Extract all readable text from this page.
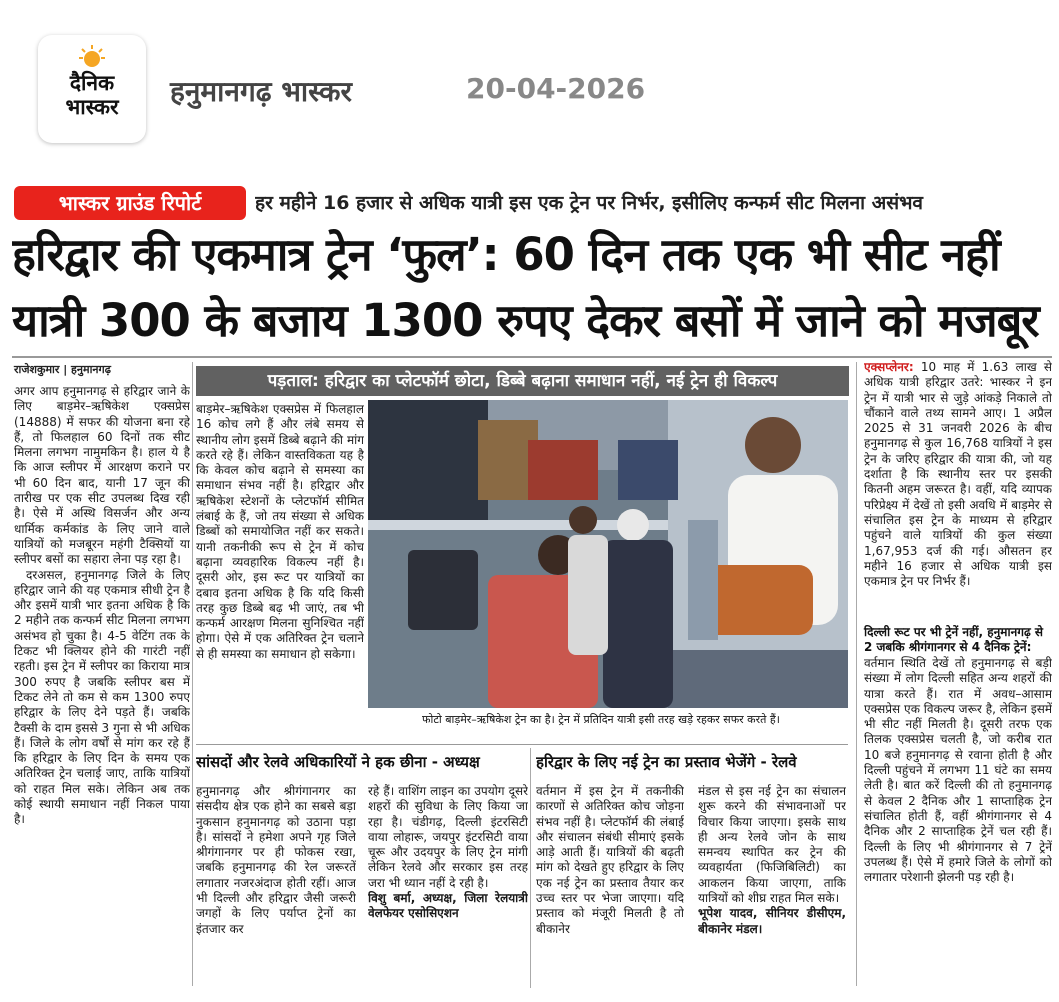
दैनिक
भास्कर	हनुमानगढ़ भास्कर	20-04-2026
भास्कर ग्राउंड रिपोर्ट	हर महीने 16 हजार से अधिक यात्री इस एक ट्रेन पर निर्भर, इसीलिए कन्फर्म सीट मिलना असंभव
हरिद्वार की एकमात्र ट्रेन ‘फुल’: 60 दिन तक एक भी सीट नहीं
यात्री 300 के बजाय 1300 रुपए देकर बसों में जाने को मजबूर
राजेशकुमार | हनुमानगढ़

अगर आप हनुमानगढ़ से हरिद्वार जाने के लिए बाड़मेर–ऋषिकेश एक्सप्रेस (14888) में सफर की योजना बना रहे हैं, तो फिलहाल 60 दिनों तक सीट मिलना लगभग नामुमकिन है। हाल ये है कि आज स्लीपर में आरक्षण कराने पर भी 60 दिन बाद, यानी 17 जून की तारीख पर एक सीट उपलब्ध दिख रही है। ऐसे में अस्थि विसर्जन और अन्य धार्मिक कर्मकांड के लिए जाने वाले यात्रियों को मजबूरन महंगी टैक्सियों या स्लीपर बसों का सहारा लेना पड़ रहा है।

दरअसल, हनुमानगढ़ जिले के लिए हरिद्वार जाने की यह एकमात्र सीधी ट्रेन है और इसमें यात्री भार इतना अधिक है कि 2 महीने तक कन्फर्म सीट मिलना लगभग असंभव हो चुका है। 4-5 वेटिंग तक के टिकट भी क्लियर होने की गारंटी नहीं रहती। इस ट्रेन में स्लीपर का किराया मात्र 300 रुपए है जबकि स्लीपर बस में टिकट लेने तो कम से कम 1300 रुपए हरिद्वार के लिए देने पड़ते हैं। जबकि टैक्सी के दाम इससे 3 गुना से भी अधिक हैं। जिले के लोग वर्षों से मांग कर रहे हैं कि हरिद्वार के लिए दिन के समय एक अतिरिक्त ट्रेन चलाई जाए, ताकि यात्रियों को राहत मिल सके। लेकिन अब तक कोई स्थायी समाधान नहीं निकल पाया है।

पड़ताल: हरिद्वार का प्लेटफॉर्म छोटा, डिब्बे बढ़ाना समाधान नहीं, नई ट्रेन ही विकल्प
बाड़मेर–ऋषिकेश एक्सप्रेस में फिलहाल 16 कोच लगे हैं और लंबे समय से स्थानीय लोग इसमें डिब्बे बढ़ाने की मांग करते रहे हैं। लेकिन वास्तविकता यह है कि केवल कोच बढ़ाने से समस्या का समाधान संभव नहीं है। हरिद्वार और ऋषिकेश स्टेशनों के प्लेटफॉर्म सीमित लंबाई के हैं, जो तय संख्या से अधिक डिब्बों को समायोजित नहीं कर सकते। यानी तकनीकी रूप से ट्रेन में कोच बढ़ाना व्यवहारिक विकल्प नहीं है। दूसरी ओर, इस रूट पर यात्रियों का दबाव इतना अधिक है कि यदि किसी तरह कुछ डिब्बे बढ़ भी जाएं, तब भी कन्फर्म आरक्षण मिलना सुनिश्चित नहीं होगा। ऐसे में एक अतिरिक्त ट्रेन चलाने से ही समस्या का समाधान हो सकेगा।
फोटो बाड़मेर–ऋषिकेश ट्रेन का है। ट्रेन में प्रतिदिन यात्री इसी तरह खड़े रहकर सफर करते हैं।
सांसदों और रेलवे अधिकारियों ने हक छीना - अध्यक्ष	हरिद्वार के लिए नई ट्रेन का प्रस्ताव भेजेंगे - रेलवे
हनुमानगढ़ और श्रीगंगानगर का संसदीय क्षेत्र एक होने का सबसे बड़ा नुकसान हनुमानगढ़ को उठाना पड़ा है। सांसदों ने हमेशा अपने गृह जिले श्रीगंगानगर पर ही फोकस रखा, जबकि हनुमानगढ़ की रेल जरूरतें लगातार नजरअंदाज होती रहीं। आज भी दिल्ली और हरिद्वार जैसी जरूरी जगहों के लिए पर्याप्त ट्रेनों का इंतजार कर

रहे हैं। वाशिंग लाइन का उपयोग दूसरे शहरों की सुविधा के लिए किया जा रहा है। चंडीगढ़, दिल्ली इंटरसिटी वाया लोहारू, जयपुर इंटरसिटी वाया चूरू और उदयपुर के लिए ट्रेन मांगी लेकिन रेलवे और सरकार इस तरह जरा भी ध्यान नहीं दे रही है।

विशु बर्मा, अध्यक्ष, जिला रेलयात्री वेलफेयर एसोसिएशन

वर्तमान में इस ट्रेन में तकनीकी कारणों से अतिरिक्त कोच जोड़ना संभव नहीं है। प्लेटफॉर्म की लंबाई और संचालन संबंधी सीमाएं इसके आड़े आती हैं। यात्रियों की बढ़ती मांग को देखते हुए हरिद्वार के लिए एक नई ट्रेन का प्रस्ताव तैयार कर उच्च स्तर पर भेजा जाएगा। यदि प्रस्ताव को मंजूरी मिलती है तो बीकानेर

मंडल से इस नई ट्रेन का संचालन शुरू करने की संभावनाओं पर विचार किया जाएगा। इसके साथ ही अन्य रेलवे जोन के साथ समन्वय स्थापित कर ट्रेन की व्यवहार्यता (फिजिबिलिटी) का आकलन किया जाएगा, ताकि यात्रियों को शीघ्र राहत मिल सके।

भूपेश यादव, सीनियर डीसीएम, बीकानेर मंडल।

एक्सप्लेनर: 10 माह में 1.63 लाख से अधिक यात्री हरिद्वार उतरे: भास्कर ने इन ट्रेन में यात्री भार से जुड़े आंकड़े निकाले तो चौंकाने वाले तथ्य सामने आए। 1 अप्रैल 2025 से 31 जनवरी 2026 के बीच हनुमानगढ़ से कुल 16,768 यात्रियों ने इस ट्रेन के जरिए हरिद्वार की यात्रा की, जो यह दर्शाता है कि स्थानीय स्तर पर इसकी कितनी अहम जरूरत है। वहीं, यदि व्यापक परिप्रेक्ष्य में देखें तो इसी अवधि में बाड़मेर से संचालित इस ट्रेन के माध्यम से हरिद्वार पहुंचने वाले यात्रियों की कुल संख्या 1,67,953 दर्ज की गई। औसतन हर महीने 16 हजार से अधिक यात्री इस एकमात्र ट्रेन पर निर्भर हैं।
दिल्ली रूट पर भी ट्रेनें नहीं, हनुमानगढ़ से 2 जबकि श्रीगंगानगर से 4 दैनिक ट्रेनें:
वर्तमान स्थिति देखें तो हनुमानगढ़ से बड़ी संख्या में लोग दिल्ली सहित अन्य शहरों की यात्रा करते हैं। रात में अवध–आसाम एक्सप्रेस एक विकल्प जरूर है, लेकिन इसमें भी सीट नहीं मिलती है। दूसरी तरफ एक तिलक एक्सप्रेस चलती है, जो करीब रात 10 बजे हनुमानगढ़ से रवाना होती है और दिल्ली पहुंचने में लगभग 11 घंटे का समय लेती है। बात करें दिल्ली की तो हनुमानगढ़ से केवल 2 दैनिक और 1 साप्ताहिक ट्रेन संचालित होती हैं, वहीं श्रीगंगानगर से 4 दैनिक और 2 साप्ताहिक ट्रेनें चल रही हैं। दिल्ली के लिए भी श्रीगंगानगर से 7 ट्रेनें उपलब्ध हैं। ऐसे में हमारे जिले के लोगों को लगातार परेशानी झेलनी पड़ रही है।
